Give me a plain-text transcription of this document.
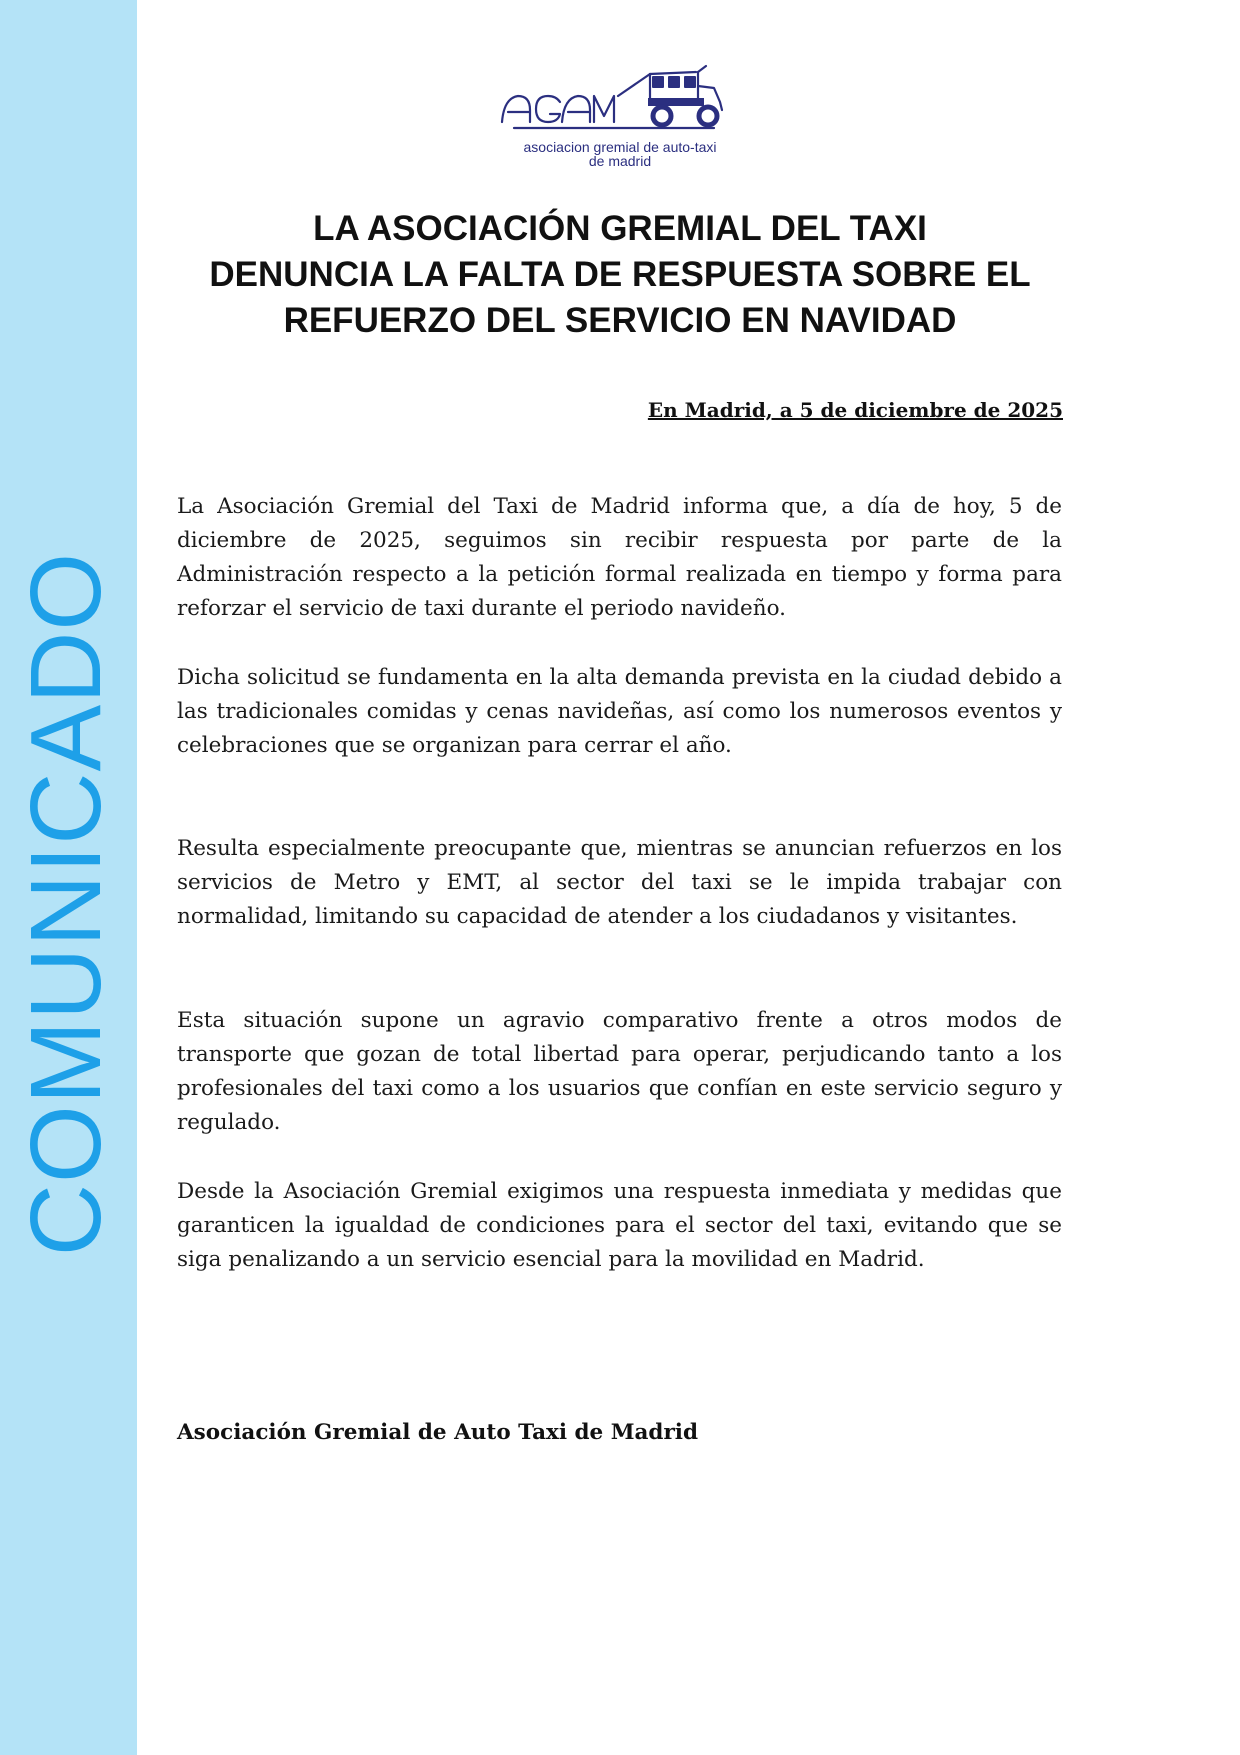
COMUNICADO
asociacion gremial de auto-taxi
de madrid
LA ASOCIACIÓN GREMIAL DEL TAXI
DENUNCIA LA FALTA DE RESPUESTA SOBRE EL
REFUERZO DEL SERVICIO EN NAVIDAD
En Madrid, a 5 de diciembre de 2025

La Asociación Gremial del Taxi de Madrid informa que, a día de hoy, 5 de diciembre de 2025, seguimos sin recibir respuesta por parte de la Administración respecto a la petición formal realizada en tiempo y forma para reforzar el servicio de taxi durante el periodo navideño.

Dicha solicitud se fundamenta en la alta demanda prevista en la ciudad debido a las tradicionales comidas y cenas navideñas, así como los numerosos eventos y celebraciones que se organizan para cerrar el año.

Resulta especialmente preocupante que, mientras se anuncian refuerzos en los servicios de Metro y EMT, al sector del taxi se le impida trabajar con normalidad, limitando su capacidad de atender a los ciudadanos y visitantes.

Esta situación supone un agravio comparativo frente a otros modos de transporte que gozan de total libertad para operar, perjudicando tanto a los profesionales del taxi como a los usuarios que confían en este servicio seguro y regulado.

Desde la Asociación Gremial exigimos una respuesta inmediata y medidas que garanticen la igualdad de condiciones para el sector del taxi, evitando que se siga penalizando a un servicio esencial para la movilidad en Madrid.

Asociación Gremial de Auto Taxi de Madrid
